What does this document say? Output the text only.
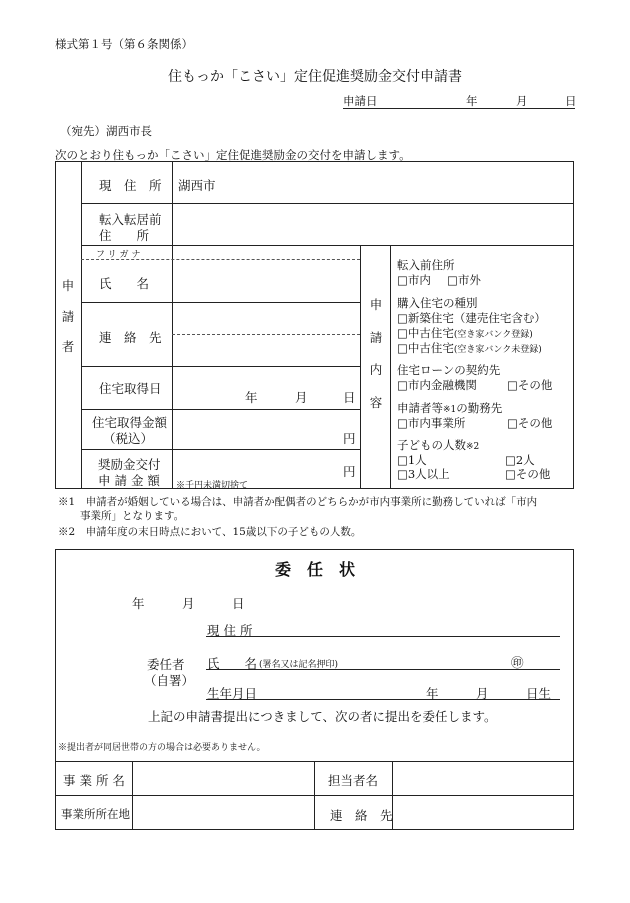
様式第１号（第６条関係）
住もっか「こさい」定住促進奨励金交付申請書
申請日	年	月	日
（宛先）湖西市長
次のとおり住もっか「こさい」定住促進奨励金の交付を申請します。
申
請
者
現　住　所 湖西市
転入転居前
住　　所
フリガナ
氏　　名
連　絡　先
住宅取得日
年	月	日
住宅取得金額
（税込）	円
奨励金交付
申 請 金 額
円
※千円未満切捨て
申
請
内
容
転入前住所
□市内 □市外
購入住宅の種別
□新築住宅（建売住宅含む）
□中古住宅(空き家バンク登録)
□中古住宅(空き家バンク未登録)
住宅ローンの契約先
□市内金融機関	□その他
申請者等※1の勤務先
□市内事業所	□その他
子どもの人数※2
□1人	□2人
□3人以上	□その他
※1　申請者が婚姻している場合は、申請者か配偶者のどちらかが市内事業所に勤務していれば「市内
事業所」となります。
※2　申請年度の末日時点において、15歳以下の子どもの人数。
委　任　状
年	月	日
現 住 所
委任者
（自署）
氏　　名 (署名又は記名押印)	㊞
生年月日	年	月	日生
上記の申請書提出につきまして、次の者に提出を委任します。
※提出者が同居世帯の方の場合は必要ありません。
事 業 所 名	担当者名
事業所所在地	連　絡　先
